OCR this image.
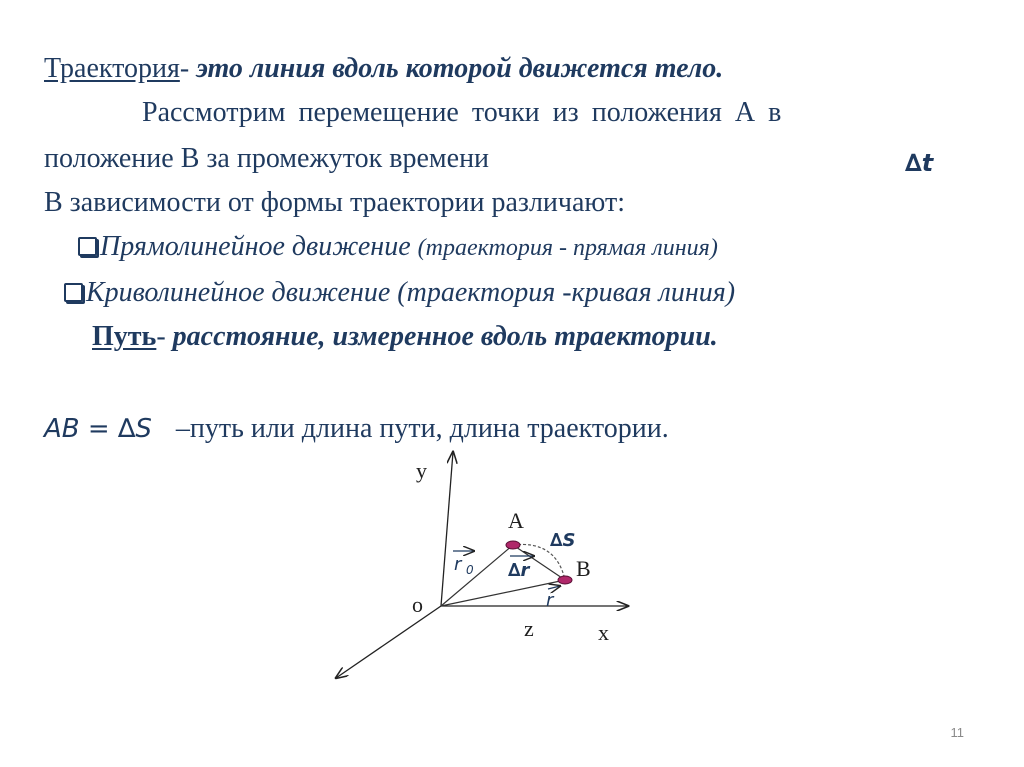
Траектория- это линия вдоль которой движется тело.
Рассмотрим перемещение точки из положения А в
положение В за промежуток времени	∆t
В зависимости от формы траектории различают:
Прямолинейное движение (траектория - прямая линия)
Криволинейное движение (траектория -кривая линия)
Путь- расстояние, измеренное вдоль траектории.
AB = ∆S –путь или длина пути, длина траектории.
y
x
z
o
A
B
∆S
r 0 ∆r
r
11
